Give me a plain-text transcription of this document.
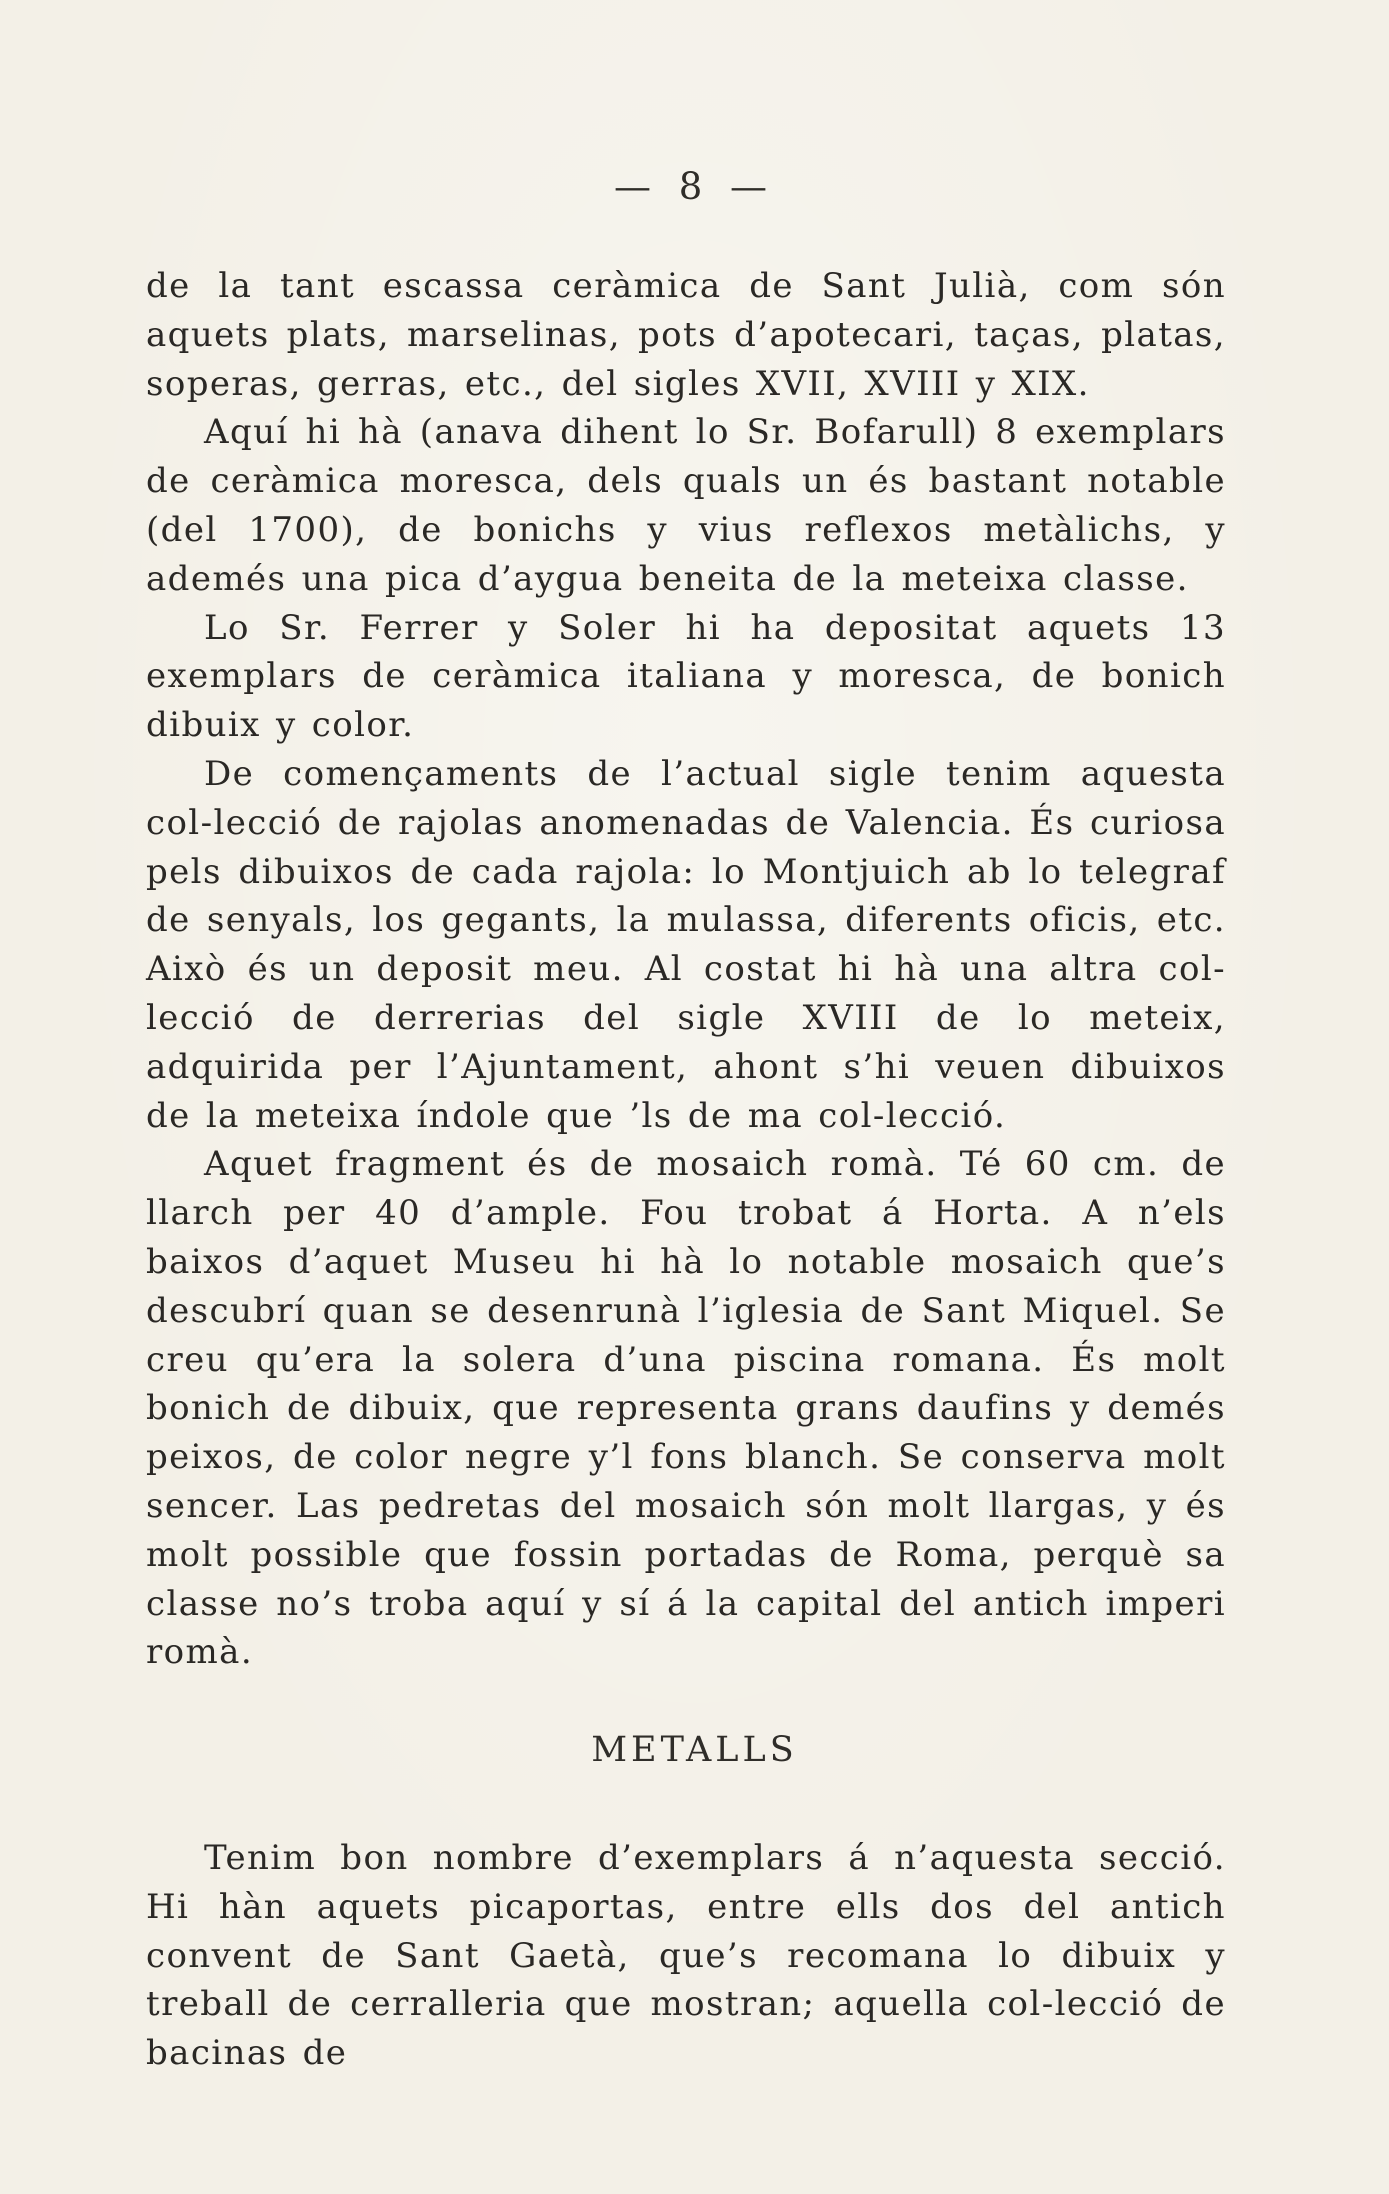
— 8 —

de la tant escassa ceràmica de Sant Julià, com són aquets plats, marselinas, pots d’apotecari, taças, platas, soperas, gerras, etc., del sigles XVII, XVIII y XIX.

Aquí hi hà (anava dihent lo Sr. Bofarull) 8 exemplars de ceràmica moresca, dels quals un és bastant notable (del 1700), de bonichs y vius reflexos metàlichs, y ademés una pica d’aygua beneita de la meteixa classe.

Lo Sr. Ferrer y Soler hi ha depositat aquets 13 exemplars de ceràmica italiana y moresca, de bonich dibuix y color.

De començaments de l’actual sigle tenim aquesta col-lecció de rajolas anomenadas de Valencia. És curiosa pels dibuixos de cada rajola: lo Montjuich ab lo telegraf de senyals, los gegants, la mulassa, diferents oficis, etc. Això és un deposit meu. Al costat hi hà una altra col-lecció de derrerias del sigle XVIII de lo meteix, adquirida per l’Ajuntament, ahont s’hi veuen dibuixos de la meteixa índole que ’ls de ma col-lecció.

Aquet fragment és de mosaich romà. Té 60 cm. de llarch per 40 d’ample. Fou trobat á Horta. A n’els baixos d’aquet Museu hi hà lo notable mosaich que’s descubrí quan se desenrunà l’iglesia de Sant Miquel. Se creu qu’era la solera d’una piscina romana. És molt bonich de dibuix, que representa grans daufins y demés peixos, de color negre y’l fons blanch. Se conserva molt sencer. Las pedretas del mosaich són molt llargas, y és molt possible que fossin portadas de Roma, perquè sa classe no’s troba aquí y sí á la capital del antich imperi romà.

METALLS

Tenim bon nombre d’exemplars á n’aquesta secció. Hi hàn aquets picaportas, entre ells dos del antich convent de Sant Gaetà, que’s recomana lo dibuix y treball de cerralleria que mostran; aquella col-lecció de bacinas de
